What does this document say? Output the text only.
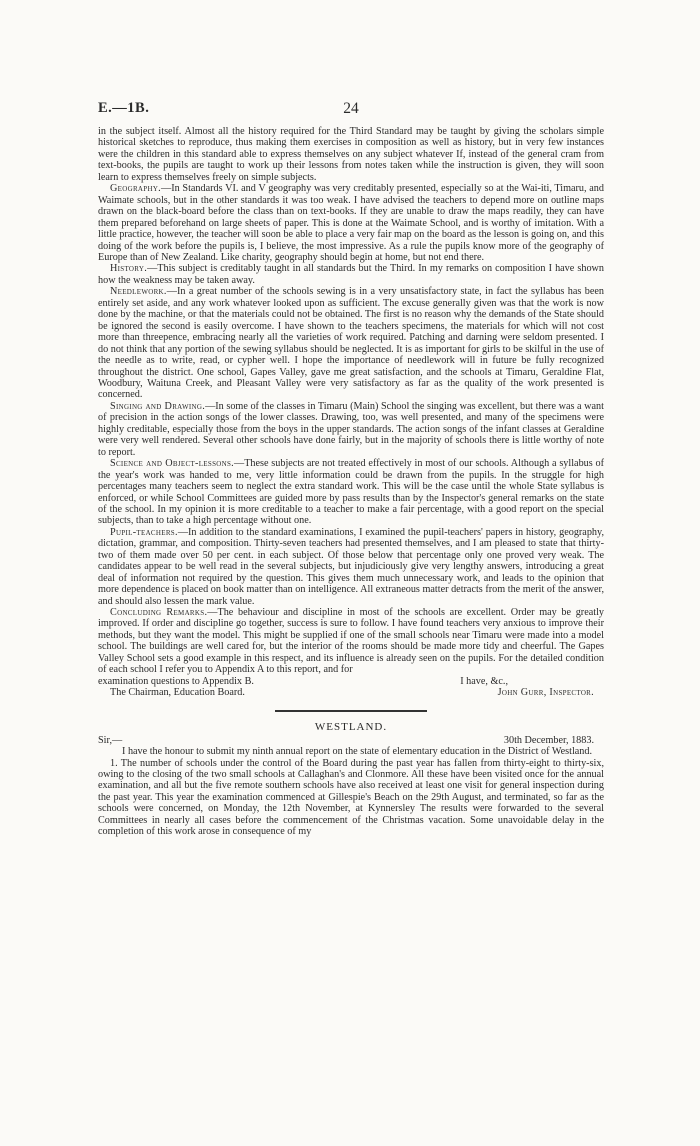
E.—1B.	24

in the subject itself. Almost all the history required for the Third Standard may be taught by giving the scholars simple historical sketches to reproduce, thus making them exercises in composition as well as history, but in very few instances were the children in this standard able to express themselves on any subject whatever If, instead of the general cram from text-books, the pupils are taught to work up their lessons from notes taken while the instruction is given, they will soon learn to express themselves freely on simple subjects.

Geography.—In Standards VI. and V geography was very creditably presented, especially so at the Wai-iti, Timaru, and Waimate schools, but in the other standards it was too weak. I have advised the teachers to depend more on outline maps drawn on the black-board before the class than on text-books. If they are unable to draw the maps readily, they can have them prepared beforehand on large sheets of paper. This is done at the Waimate School, and is worthy of imitation. With a little practice, however, the teacher will soon be able to place a very fair map on the board as the lesson is going on, and this doing of the work before the pupils is, I believe, the most impressive. As a rule the pupils know more of the geography of Europe than of New Zealand. Like charity, geography should begin at home, but not end there.

History.—This subject is creditably taught in all standards but the Third. In my remarks on composition I have shown how the weakness may be taken away.

Needlework.—In a great number of the schools sewing is in a very unsatisfactory state, in fact the syllabus has been entirely set aside, and any work whatever looked upon as sufficient. The excuse generally given was that the work is now done by the machine, or that the materials could not be obtained. The first is no reason why the demands of the State should be ignored the second is easily overcome. I have shown to the teachers specimens, the materials for which will not cost more than threepence, embracing nearly all the varieties of work required. Patching and darning were seldom presented. I do not think that any portion of the sewing syllabus should be neglected. It is as important for girls to be skilful in the use of the needle as to write, read, or cypher well. I hope the importance of needlework will in future be fully recognized throughout the district. One school, Gapes Valley, gave me great satisfaction, and the schools at Timaru, Geraldine Flat, Woodbury, Waituna Creek, and Pleasant Valley were very satisfactory as far as the quality of the work presented is concerned.

Singing and Drawing.—In some of the classes in Timaru (Main) School the singing was excellent, but there was a want of precision in the action songs of the lower classes. Drawing, too, was well presented, and many of the specimens were highly creditable, especially those from the boys in the upper standards. The action songs of the infant classes at Geraldine were very well rendered. Several other schools have done fairly, but in the majority of schools there is little worthy of note to report.

Science and Object-lessons.—These subjects are not treated effectively in most of our schools. Although a syllabus of the year's work was handed to me, very little information could be drawn from the pupils. In the struggle for high percentages many teachers seem to neglect the extra standard work. This will be the case until the whole State syllabus is enforced, or while School Committees are guided more by pass results than by the Inspector's general remarks on the state of the school. In my opinion it is more creditable to a teacher to make a fair percentage, with a good report on the special subjects, than to take a high percentage without one.

Pupil-teachers.—In addition to the standard examinations, I examined the pupil-teachers' papers in history, geography, dictation, grammar, and composition. Thirty-seven teachers had presented themselves, and I am pleased to state that thirty-two of them made over 50 per cent. in each subject. Of those below that percentage only one proved very weak. The candidates appear to be well read in the several subjects, but injudiciously give very lengthy answers, introducing a great deal of information not required by the question. This gives them much unnecessary work, and leads to the opinion that more dependence is placed on book matter than on intelligence. All extraneous matter detracts from the merit of the answer, and should also lessen the mark value.

Concluding Remarks.—The behaviour and discipline in most of the schools are excellent. Order may be greatly improved. If order and discipline go together, success is sure to follow. I have found teachers very anxious to improve their methods, but they want the model. This might be supplied if one of the small schools near Timaru were made into a model school. The buildings are well cared for, but the interior of the rooms should be made more tidy and cheerful. The Gapes Valley School sets a good example in this respect, and its influence is already seen on the pupils. For the detailed condition of each school I refer you to Appendix A to this report, and for

examination questions to Appendix B.	I have, &c.,
The Chairman, Education Board.	John Gurr, Inspector.
WESTLAND.
Sir,—	30th December, 1883.

I have the honour to submit my ninth annual report on the state of elementary education in the District of Westland.

1. The number of schools under the control of the Board during the past year has fallen from thirty-eight to thirty-six, owing to the closing of the two small schools at Callaghan's and Clonmore. All these have been visited once for the annual examination, and all but the five remote southern schools have also received at least one visit for general inspection during the past year. This year the examination commenced at Gillespie's Beach on the 29th August, and terminated, so far as the schools were concerned, on Monday, the 12th November, at Kynnersley The results were forwarded to the several Committees in nearly all cases before the commencement of the Christmas vacation. Some unavoidable delay in the completion of this work arose in consequence of my
